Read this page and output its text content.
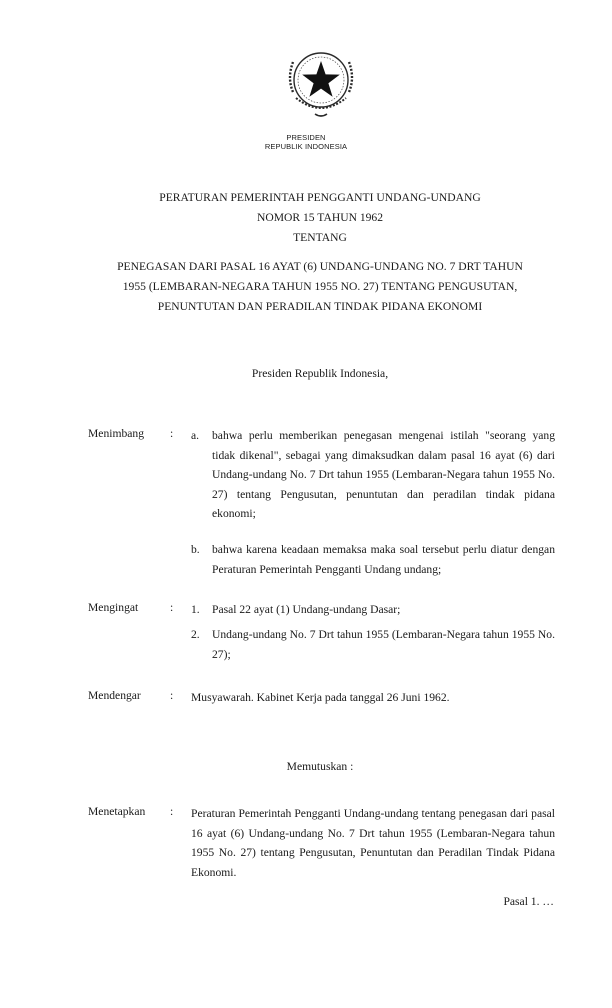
PRESIDEN
REPUBLIK INDONESIA
PERATURAN PEMERINTAH PENGGANTI UNDANG-UNDANG
NOMOR 15 TAHUN 1962
TENTANG
PENEGASAN DARI PASAL 16 AYAT (6) UNDANG-UNDANG NO. 7 DRT TAHUN
1955 (LEMBARAN-NEGARA TAHUN 1955 NO. 27) TENTANG PENGUSUTAN,
PENUNTUTAN DAN PERADILAN TINDAK PIDANA EKONOMI
Presiden Republik Indonesia,
Menimbang : a. bahwa perlu memberikan penegasan mengenai istilah "seorang yang tidak dikenal", sebagai yang dimaksudkan dalam pasal 16 ayat (6) dari Undang-undang No. 7 Drt tahun 1955 (Lembaran-Negara tahun 1955 No. 27) tentang Pengusutan, penuntutan dan peradilan tindak pidana ekonomi;
b. bahwa karena keadaan memaksa maka soal tersebut perlu diatur dengan Peraturan Pemerintah Pengganti Undang undang;
Mengingat	: 1. Pasal 22 ayat (1) Undang-undang Dasar;
2. Undang-undang No. 7 Drt tahun 1955 (Lembaran-Negara tahun 1955 No. 27);
Mendengar	: Musyawarah. Kabinet Kerja pada tanggal 26 Juni 1962.
Memutuskan :
Menetapkan : Peraturan Pemerintah Pengganti Undang-undang tentang penegasan dari pasal 16 ayat (6) Undang-undang No. 7 Drt tahun 1955 (Lembaran-Negara tahun 1955 No. 27) tentang Pengusutan, Penuntutan dan Peradilan Tindak Pidana Ekonomi.
Pasal 1. …
